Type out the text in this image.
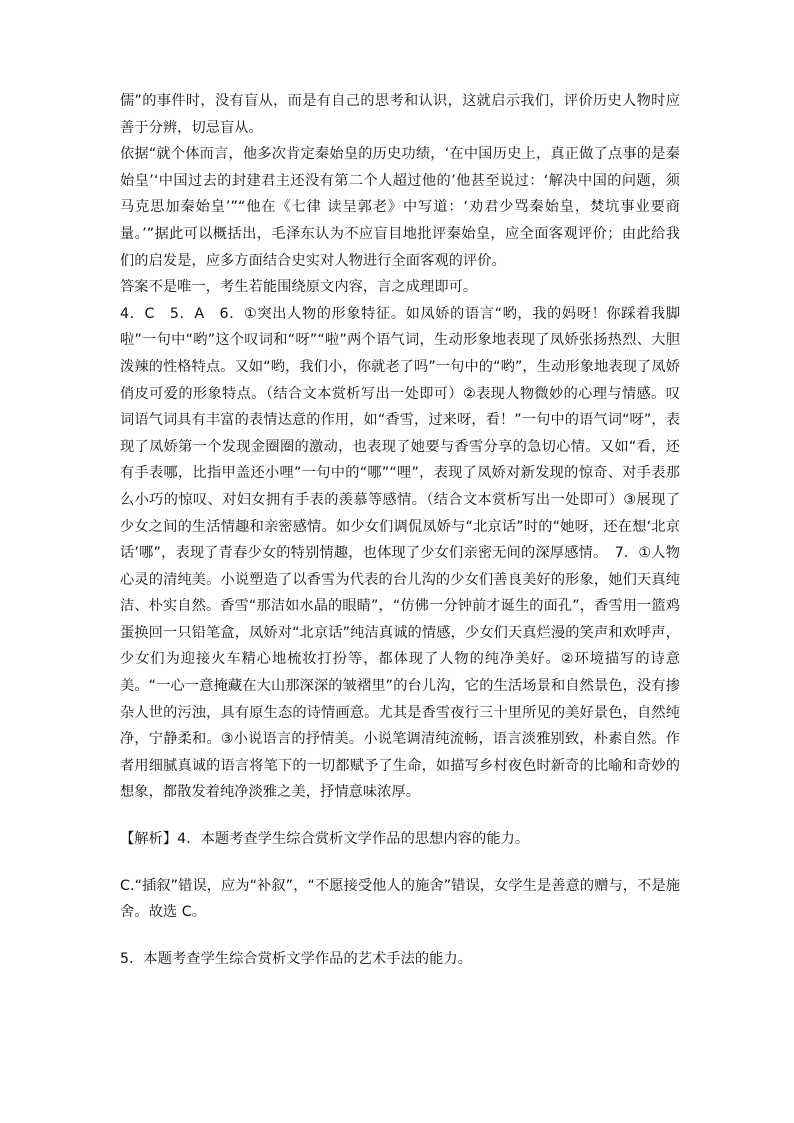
儒”的事件时，没有盲从，而是有自己的思考和认识，这就启示我们，评价历史人物时应善于分辨，切忌盲从。

依据“就个体而言，他多次肯定秦始皇的历史功绩，‘在中国历史上，真正做了点事的是秦始皇’‘中国过去的封建君主还没有第二个人超过他的’他甚至说过：‘解决中国的问题，须马克思加秦始皇’”“他在《七律 读呈郭老》中写道：‘劝君少骂秦始皇，焚坑事业要商量。’”据此可以概括出，毛泽东认为不应盲目地批评秦始皇，应全面客观评价；由此给我们的启发是，应多方面结合史实对人物进行全面客观的评价。

答案不是唯一，考生若能围绕原文内容，言之成理即可。

4．C　5．A　6．①突出人物的形象特征。如凤娇的语言“哟，我的妈呀！你踩着我脚啦”一句中“哟”这个叹词和“呀”“啦”两个语气词，生动形象地表现了凤娇张扬热烈、大胆泼辣的性格特点。又如“哟，我们小，你就老了吗”一句中的“哟”，生动形象地表现了凤娇俏皮可爱的形象特点。（结合文本赏析写出一处即可）②表现人物微妙的心理与情感。叹词语气词具有丰富的表情达意的作用，如“香雪，过来呀，看！”一句中的语气词“呀”，表现了凤娇第一个发现金圈圈的激动，也表现了她要与香雪分享的急切心情。又如“看，还有手表哪，比指甲盖还小哩”一句中的“哪”“哩”，表现了凤娇对新发现的惊奇、对手表那么小巧的惊叹、对妇女拥有手表的羡慕等感情。（结合文本赏析写出一处即可）③展现了少女之间的生活情趣和亲密感情。如少女们调侃凤娇与“北京话”时的“她呀，还在想‘北京话’哪”，表现了青春少女的特别情趣，也体现了少女们亲密无间的深厚感情。　7．①人物心灵的清纯美。小说塑造了以香雪为代表的台儿沟的少女们善良美好的形象，她们天真纯洁、朴实自然。香雪“那洁如水晶的眼睛”，“仿佛一分钟前才诞生的面孔”，香雪用一篮鸡蛋换回一只铅笔盒，凤娇对“北京话”纯洁真诚的情感，少女们天真烂漫的笑声和欢呼声，少女们为迎接火车精心地梳妆打扮等，都体现了人物的纯净美好。②环境描写的诗意美。“一心一意掩藏在大山那深深的皱褶里”的台儿沟，它的生活场景和自然景色，没有掺杂人世的污浊，具有原生态的诗情画意。尤其是香雪夜行三十里所见的美好景色，自然纯净，宁静柔和。③小说语言的抒情美。小说笔调清纯流畅，语言淡雅别致，朴素自然。作者用细腻真诚的语言将笔下的一切都赋予了生命，如描写乡村夜色时新奇的比喻和奇妙的想象，都散发着纯净淡雅之美，抒情意味浓厚。

【解析】4．本题考查学生综合赏析文学作品的思想内容的能力。

C.“插叙”错误，应为“补叙”，“不愿接受他人的施舍”错误，女学生是善意的赠与，不是施舍。故选 C。

5．本题考查学生综合赏析文学作品的艺术手法的能力。
